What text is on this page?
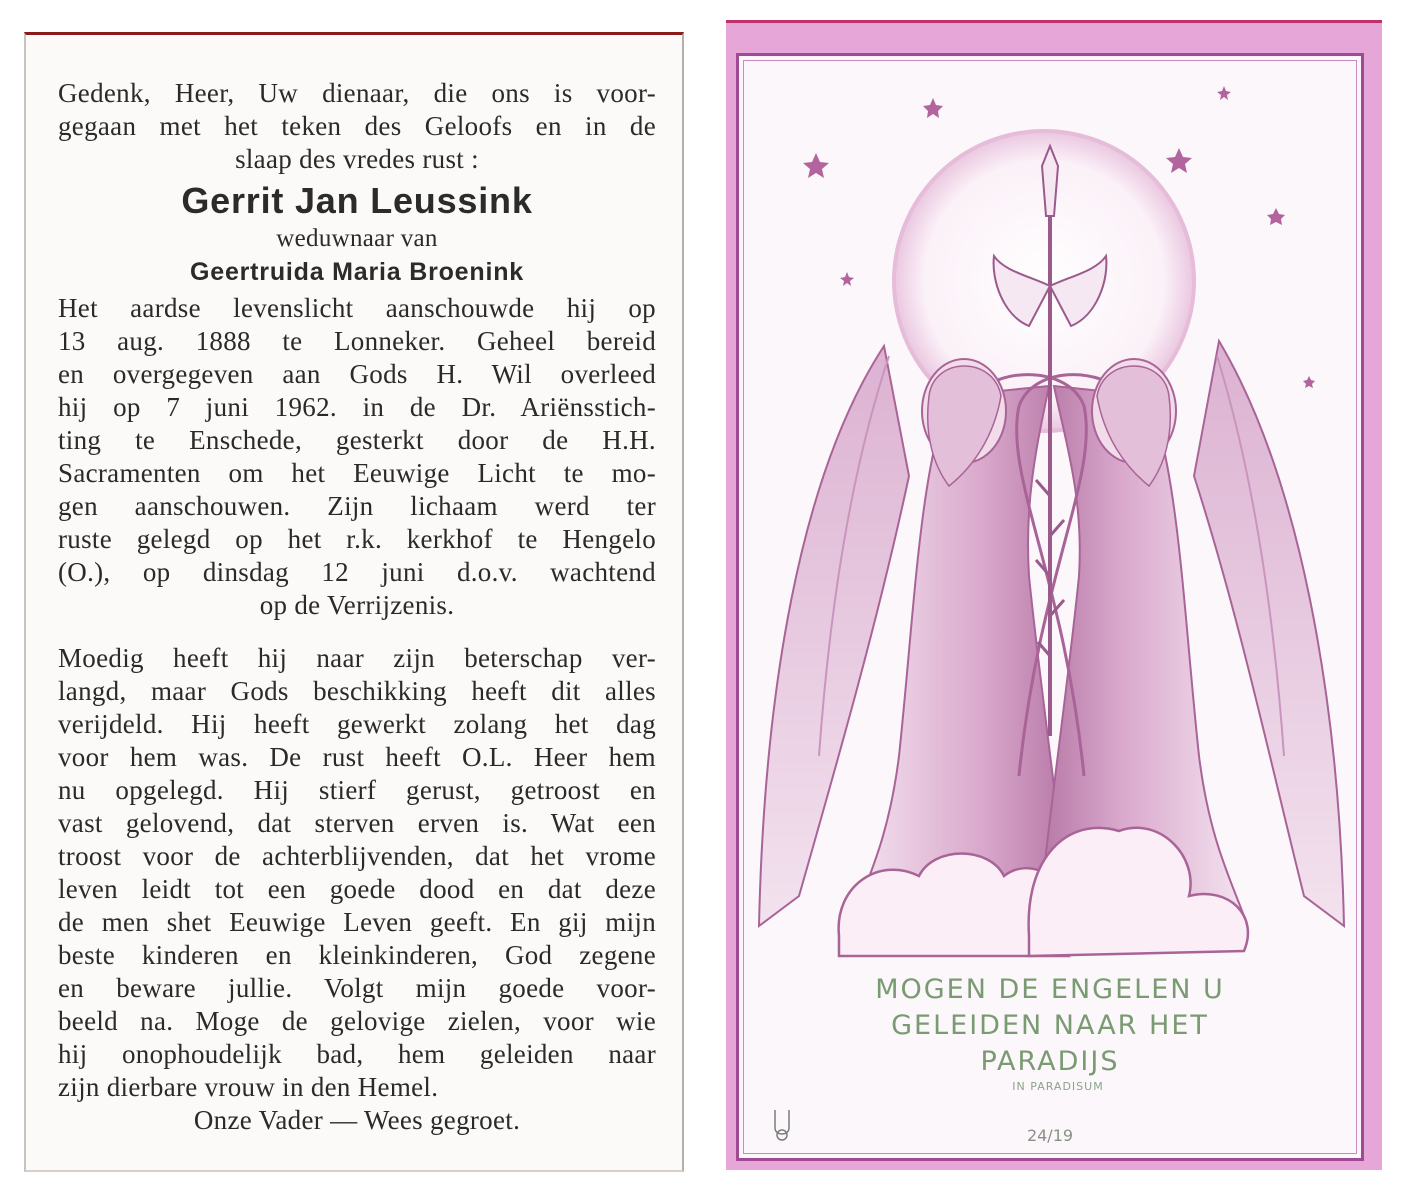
Gedenk, Heer, Uw dienaar, die ons is voor-
gegaan met het teken des Geloofs en in de
slaap des vredes rust :
Gerrit Jan Leussink
weduwnaar van
Geertruida Maria Broenink
Het aardse levenslicht aanschouwde hij op
13 aug. 1888 te Lonneker. Geheel bereid
en overgegeven aan Gods H. Wil overleed
hij op 7 juni 1962. in de Dr. Ariënsstich-
ting te Enschede, gesterkt door de H.H.
Sacramenten om het Eeuwige Licht te mo-
gen aanschouwen. Zijn lichaam werd ter
ruste gelegd op het r.k. kerkhof te Hengelo
(O.), op dinsdag 12 juni d.o.v. wachtend
op de Verrijzenis.
Moedig heeft hij naar zijn beterschap ver-
langd, maar Gods beschikking heeft dit alles
verijdeld. Hij heeft gewerkt zolang het dag
voor hem was. De rust heeft O.L. Heer hem
nu opgelegd. Hij stierf gerust, getroost en
vast gelovend, dat sterven erven is. Wat een
troost voor de achterblijvenden, dat het vrome
leven leidt tot een goede dood en dat deze
de men shet Eeuwige Leven geeft. En gij mijn
beste kinderen en kleinkinderen, God zegene
en beware jullie. Volgt mijn goede voor-
beeld na. Moge de gelovige zielen, voor wie
hij onophoudelijk bad, hem geleiden naar
zijn dierbare vrouw in den Hemel.
Onze Vader — Wees gegroet.
MOGEN DE ENGELEN U
GELEIDEN NAAR HET
PARADIJS
IN PARADISUM
24/19
